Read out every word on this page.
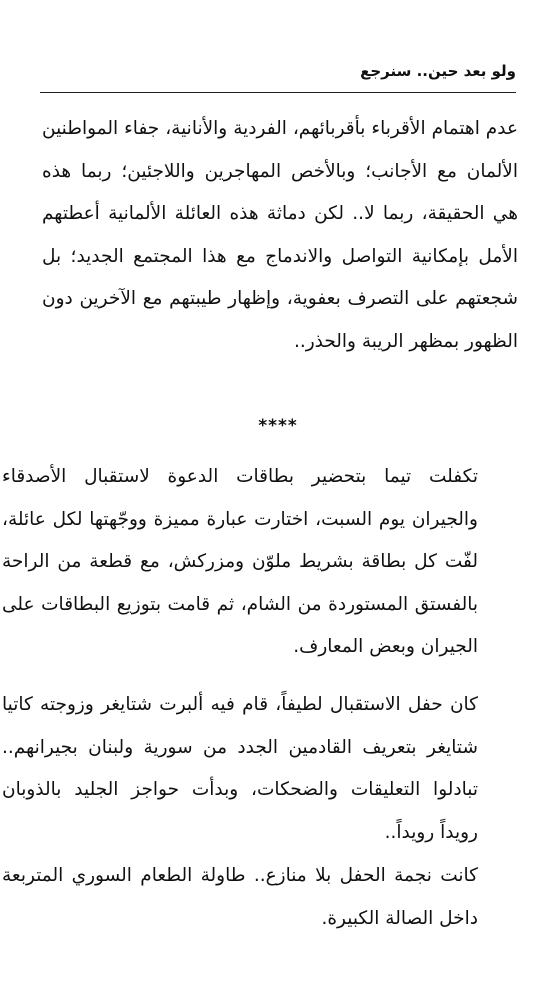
ولو بعد حين.. سنرجع

عدم اهتمام الأقرباء بأقربائهم، الفردية والأنانية، جفاء المواطنين الألمان مع الأجانب؛ وبالأخص المهاجرين واللاجئين؛ ربما هذه هي الحقيقة، ربما لا.. لكن دماثة هذه العائلة الألمانية أعطتهم الأمل بإمكانية التواصل والاندماج مع هذا المجتمع الجديد؛ بل شجعتهم على التصرف بعفوية، وإظهار طيبتهم مع الآخرين دون الظهور بمظهر الريبة والحذر..

****

تكفلت تيما بتحضير بطاقات الدعوة لاستقبال الأصدقاء والجيران يوم السبت، اختارت عبارة مميزة ووجّهتها لكل عائلة، لفّت كل بطاقة بشريط ملوّن ومزركش، مع قطعة من الراحة بالفستق المستوردة من الشام، ثم قامت بتوزيع البطاقات على الجيران وبعض المعارف.

كان حفل الاستقبال لطيفاً، قام فيه ألبرت شتايغر وزوجته كاتيا شتايغر بتعريف القادمين الجدد من سورية ولبنان بجيرانهم.. تبادلوا التعليقات والضحكات، وبدأت حواجز الجليد بالذوبان رويداً رويداً..

كانت نجمة الحفل بلا منازع.. طاولة الطعام السوري المتربعة داخل الصالة الكبيرة.
